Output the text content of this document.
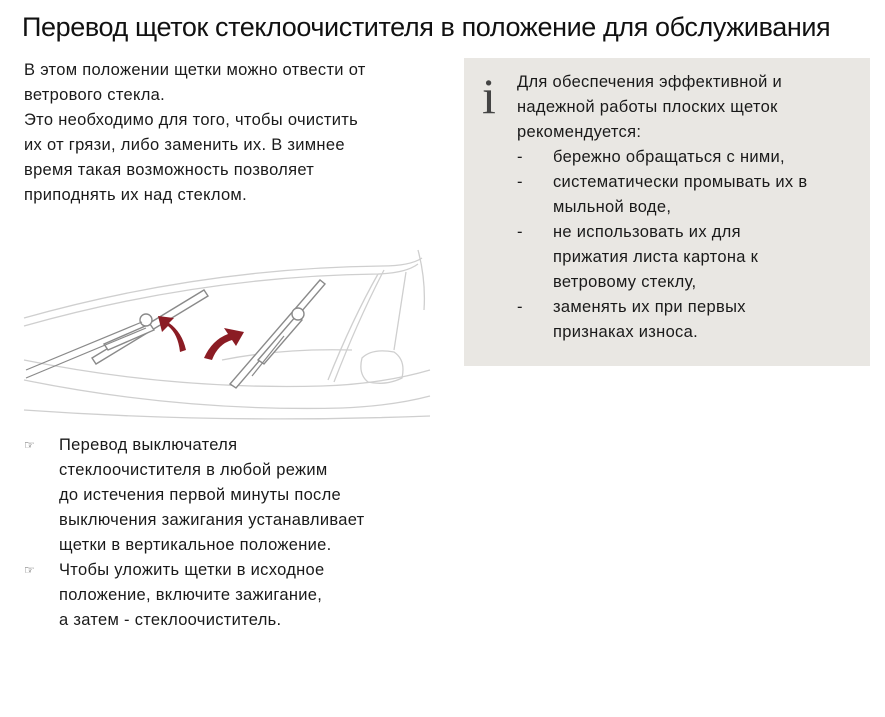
Перевод щеток стеклоочистителя в положение для обслуживания

В этом положении щетки можно отвести от

ветрового стекла.

Это необходимо для того, чтобы очистить

их от грязи, либо заменить их. В зимнее

время такая возможность позволяет

приподнять их над стеклом.

☞ Перевод выключателя
стеклоочистителя в любой режим
до истечения первой минуты после
выключения зажигания устанавливает
щетки в вертикальное положение.
☞ Чтобы уложить щетки в исходное
положение, включите зажигание,
а затем - стеклоочиститель.
i Для обеспечения эффективной и

надежной работы плоских щеток

рекомендуется:

- бережно обращаться с ними,
- систематически промывать их в
мыльной воде,
- не использовать их для
прижатия листа картона к
ветровому стеклу,
- заменять их при первых
признаках износа.
